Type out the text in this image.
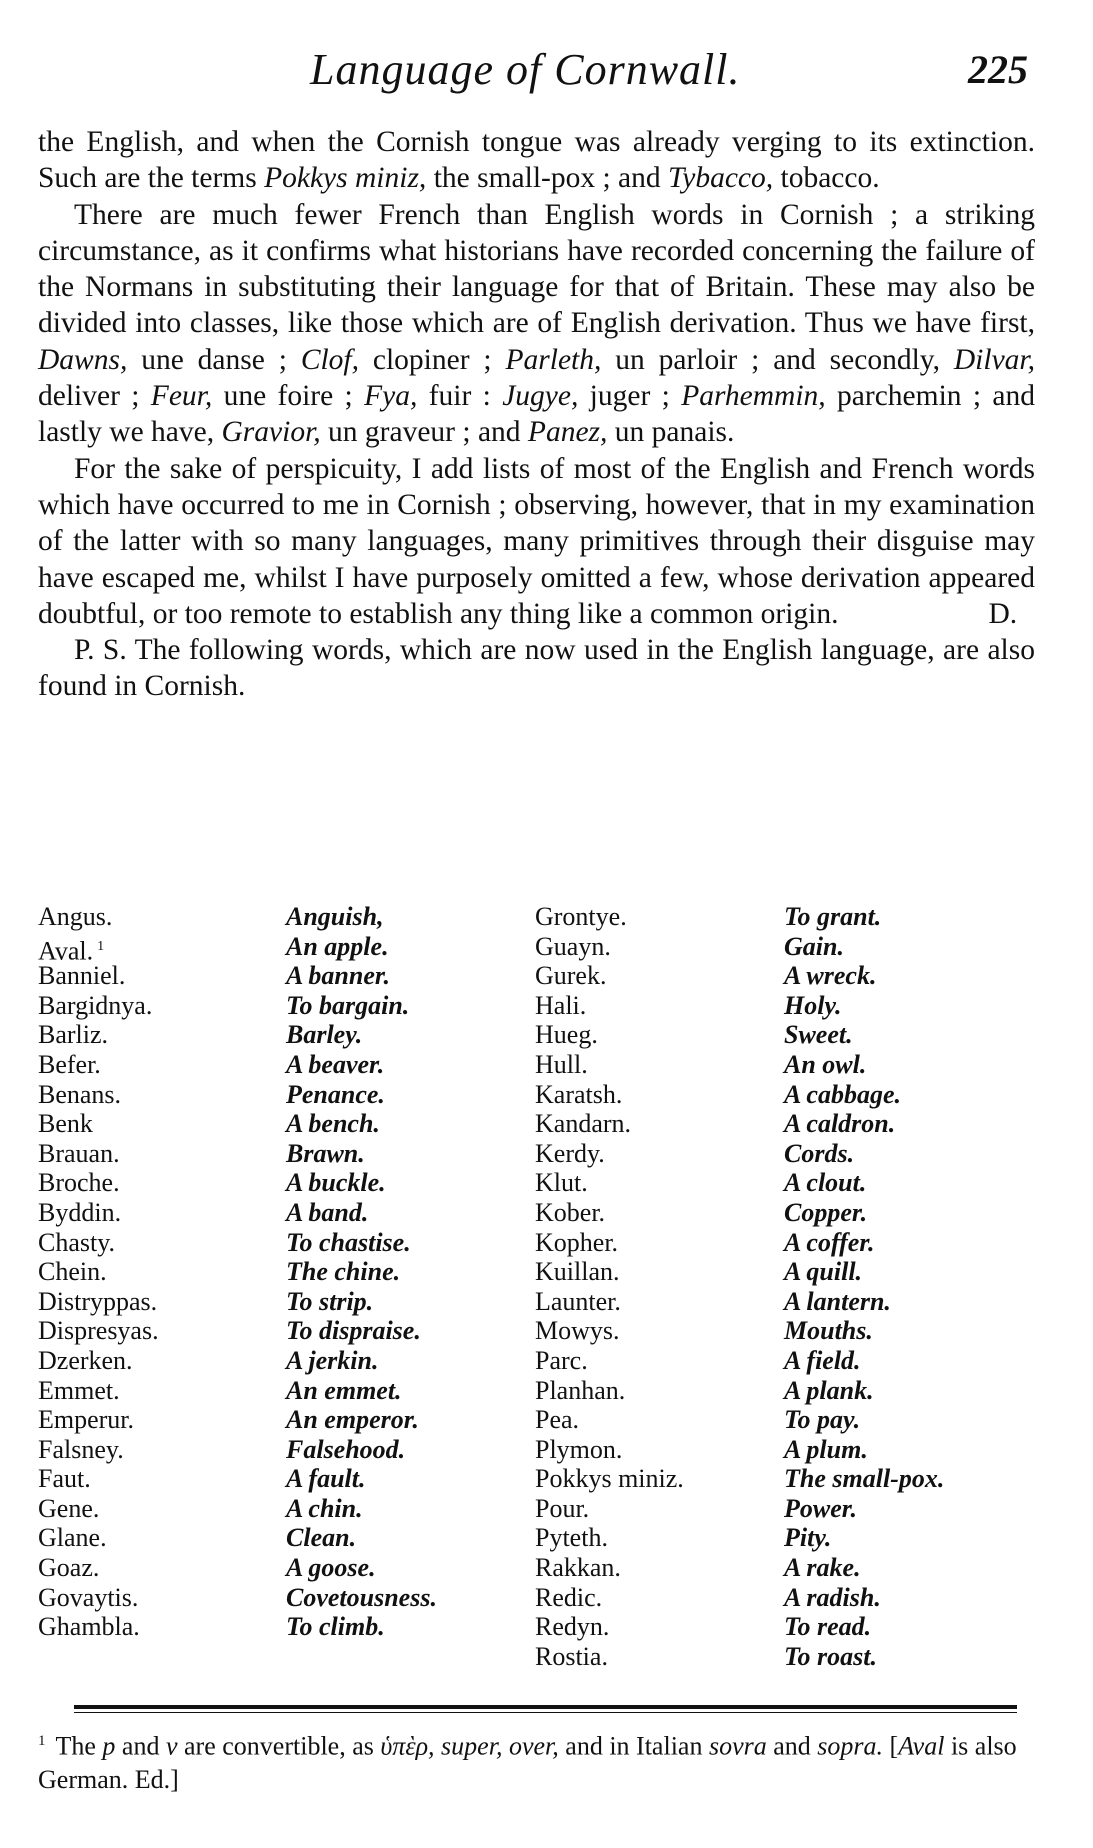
Language of Cornwall.	225

the English, and when the Cornish tongue was already verging to its extinction. Such are the terms Pokkys miniz, the small-pox ; and Tybacco, tobacco.

There are much fewer French than English words in Cornish ; a striking circumstance, as it confirms what historians have recorded concerning the failure of the Normans in substituting their language for that of Britain. These may also be divided into classes, like those which are of English derivation. Thus we have first, Dawns, une danse ; Clof, clopiner ; Parleth, un parloir ; and secondly, Dilvar, deliver ; Feur, une foire ; Fya, fuir : Jugye, juger ; Parhemmin, parchemin ; and lastly we have, Gravior, un graveur ; and Panez, un panais.

For the sake of perspicuity, I add lists of most of the English and French words which have occurred to me in Cornish ; observing, however, that in my examination of the latter with so many languages, many primitives through their disguise may have escaped me, whilst I have purposely omitted a few, whose derivation appeared doubtful, or too remote to establish any thing like a common origin.	D.

P. S. The following words, which are now used in the English language, are also found in Cornish.

Angus.
Aval. $^1$
Banniel.
Bargidnya.
Barliz.
Befer.
Benans.
Benk
Brauan.
Broche.
Byddin.
Chasty.
Chein.
Distryppas.
Dispresyas.
Dzerken.
Emmet.
Emperur.
Falsney.
Faut.
Gene.
Glane.
Goaz.
Govaytis.
Ghambla.
Anguish,
An apple.
A banner.
To bargain.
Barley.
A beaver.
Penance.
A bench.
Brawn.
A buckle.
A band.
To chastise.
The chine.
To strip.
To dispraise.
A jerkin.
An emmet.
An emperor.
Falsehood.
A fault.
A chin.
Clean.
A goose.
Covetousness.
To climb.
Grontye.
Guayn.
Gurek.
Hali.
Hueg.
Hull.
Karatsh.
Kandarn.
Kerdy.
Klut.
Kober.
Kopher.
Kuillan.
Launter.
Mowys.
Parc.
Planhan.
Pea.
Plymon.
Pokkys miniz.
Pour.
Pyteth.
Rakkan.
Redic.
Redyn.
Rostia.
To grant.
Gain.
A wreck.
Holy.
Sweet.
An owl.
A cabbage.
A caldron.
Cords.
A clout.
Copper.
A coffer.
A quill.
A lantern.
Mouths.
A field.
A plank.
To pay.
A plum.
The small-pox.
Power.
Pity.
A rake.
A radish.
To read.
To roast.

$^1$ The p and v are convertible, as ὑπὲρ, super, over, and in Italian sovra and sopra. [Aval is also German. Ed.]
